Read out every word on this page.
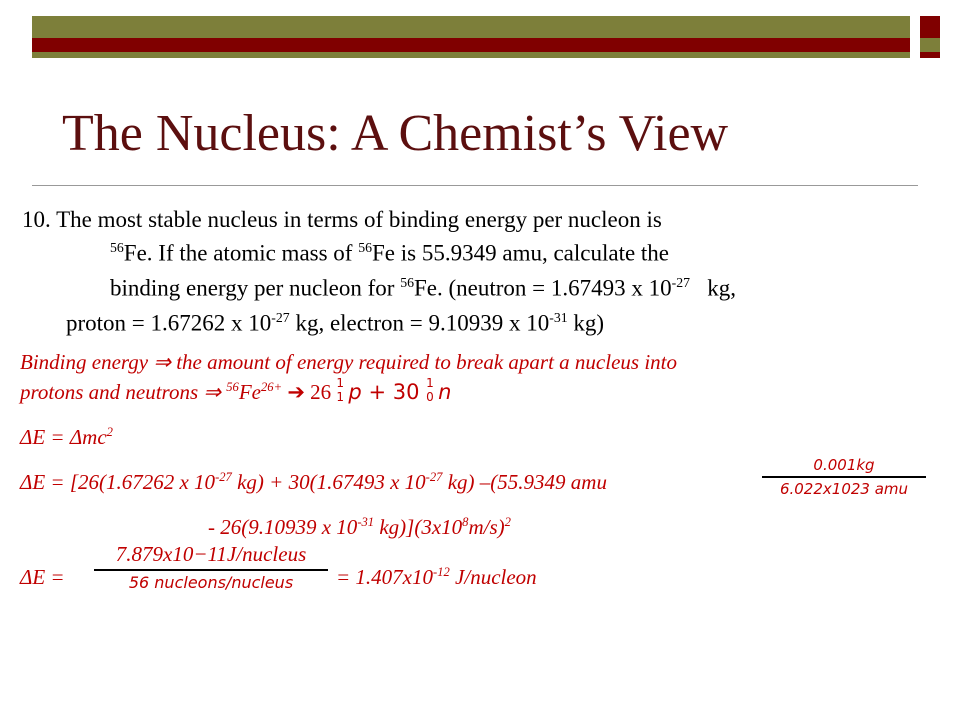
The Nucleus: A Chemist’s View
10. The most stable nucleus in terms of binding energy per nucleon is
$^{56}$Fe. If the atomic mass of $^{56}$Fe is 55.9349 amu, calculate the
binding energy per nucleon for $^{56}$Fe. (neutron = 1.67493 x $10^{-27}$   kg,
proton = 1.67262 x $10^{-27}$ kg, electron = 9.10939 x $10^{-31}$ kg)
Binding energy ⇒ the amount of energy required to break apart a nucleus into
protons and neutrons ⇒ $^{56}Fe^{26+}$ ➔ 26 1
1 p + 30 1
0 n
ΔE = Δmc$^2$
ΔE = [26(1.67262 x $10^{-27}$ kg) + 30(1.67493 x $10^{-27}$ kg) –(55.9349 amu
0.001kg
6.022x1023 amu
- 26(9.10939 x $10^{-31}$ $kg)](3x10^8m/s)^2$
ΔE =
7.879x10−11J/nucleus
56 nucleons/nucleus	= $1.407x10^{-12}$ J/nucleon
